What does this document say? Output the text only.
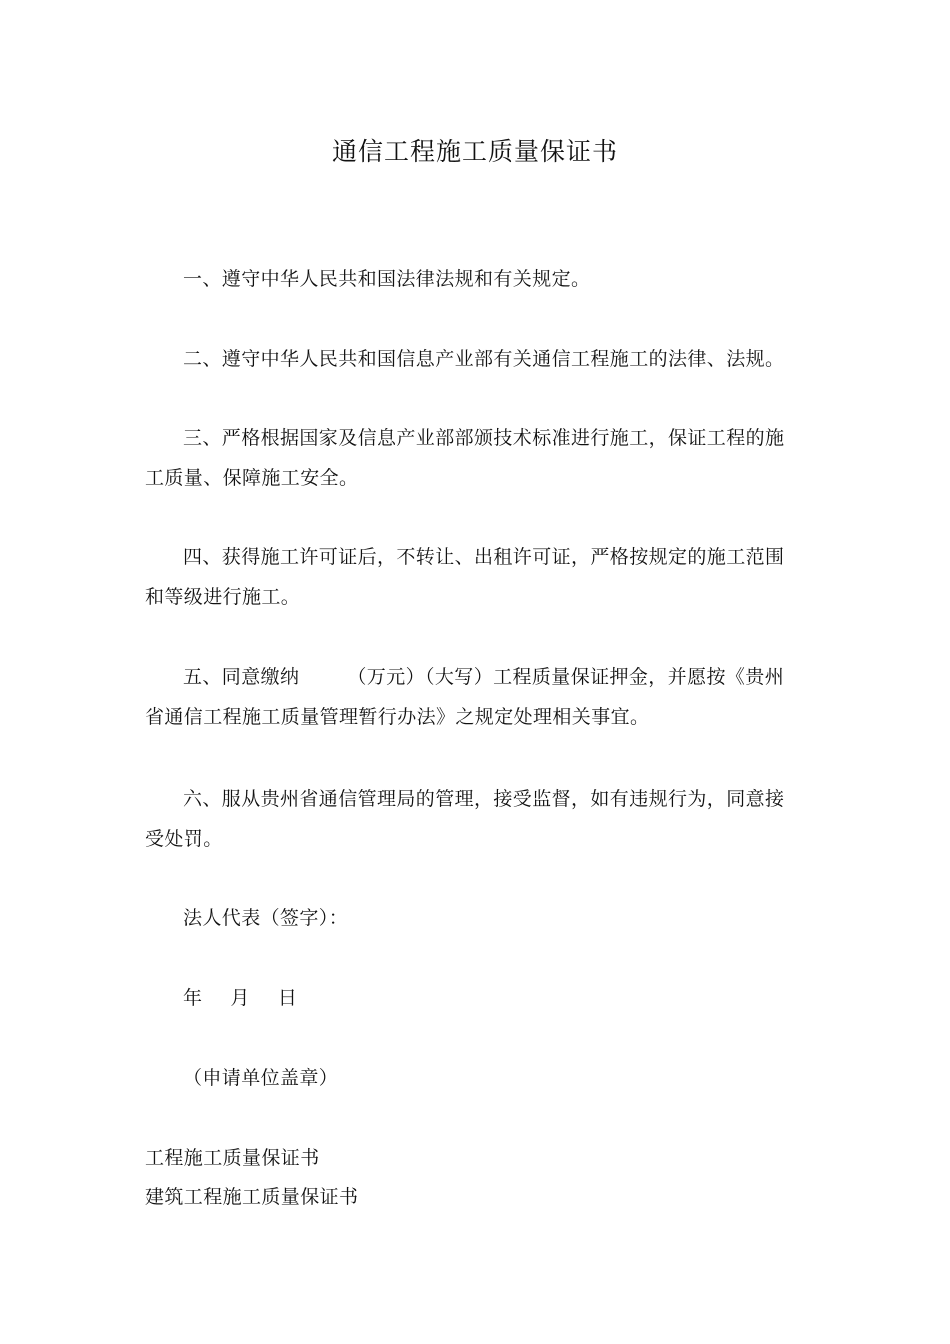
通信工程施工质量保证书
一、遵守中华人民共和国法律法规和有关规定。
二、遵守中华人民共和国信息产业部有关通信工程施工的法律、法规。
三、严格根据国家及信息产业部部颁技术标准进行施工，保证工程的施工质量、保障施工安全。
四、获得施工许可证后，不转让、出租许可证，严格按规定的施工范围和等级进行施工。
五、同意缴纳	（万元）（大写）工程质量保证押金，并愿按《贵州省通信工程施工质量管理暂行办法》之规定处理相关事宜。
六、服从贵州省通信管理局的管理，接受监督，如有违规行为，同意接受处罚。
法人代表（签字）：
年 月 日
（申请单位盖章）
工程施工质量保证书
建筑工程施工质量保证书
